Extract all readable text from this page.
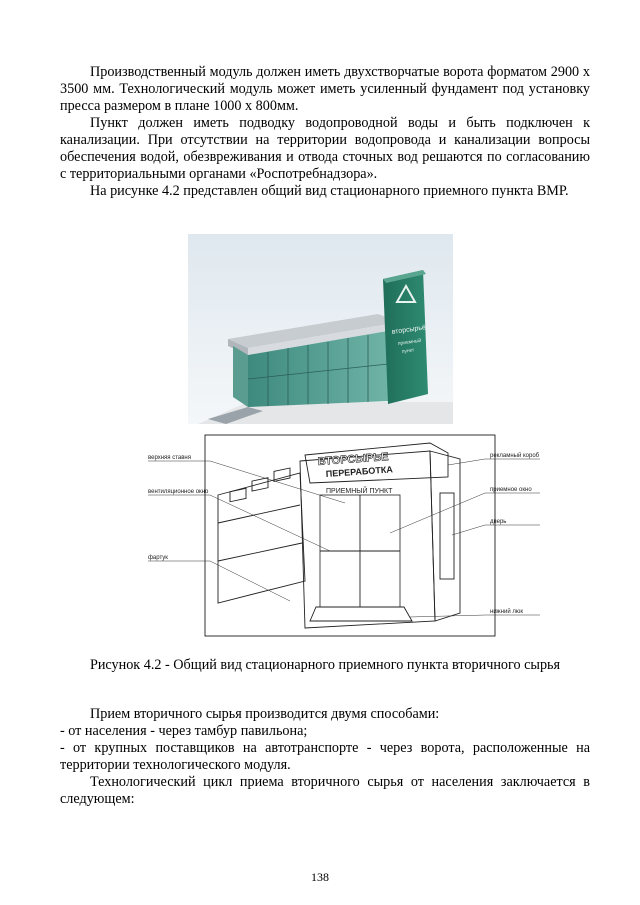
Производственный модуль должен иметь двухстворчатые ворота форматом 2900 х 3500 мм. Технологический модуль может иметь усиленный фундамент под установку пресса размером в плане 1000 х 800мм.
Пункт должен иметь подводку водопроводной воды и быть подключен к канализации. При отсутствии на территории водопровода и канализации вопросы обеспечения водой, обезвреживания и отвода сточных вод решаются по согласованию с территориальными органами «Роспотребнадзора».
На рисунке 4.2 представлен общий вид стационарного приемного пункта ВМР.
вторсырьё
приемный
пункт
ВТОРСЫРЬЕ
ПЕРЕРАБОТКА
ПРИЕМНЫЙ ПУНКТ
верхняя ставня
вентиляционное окно
фартук
рекламный короб
приемное окно
дверь
нижний люк
Рисунок 4.2 - Общий вид стационарного приемного пункта вторичного сырья
Прием вторичного сырья производится двумя способами:
- от населения - через тамбур павильона;
- от крупных поставщиков на автотранспорте - через ворота, расположенные на территории технологического модуля.
Технологический цикл приема вторичного сырья от населения заключается в следующем:
138
